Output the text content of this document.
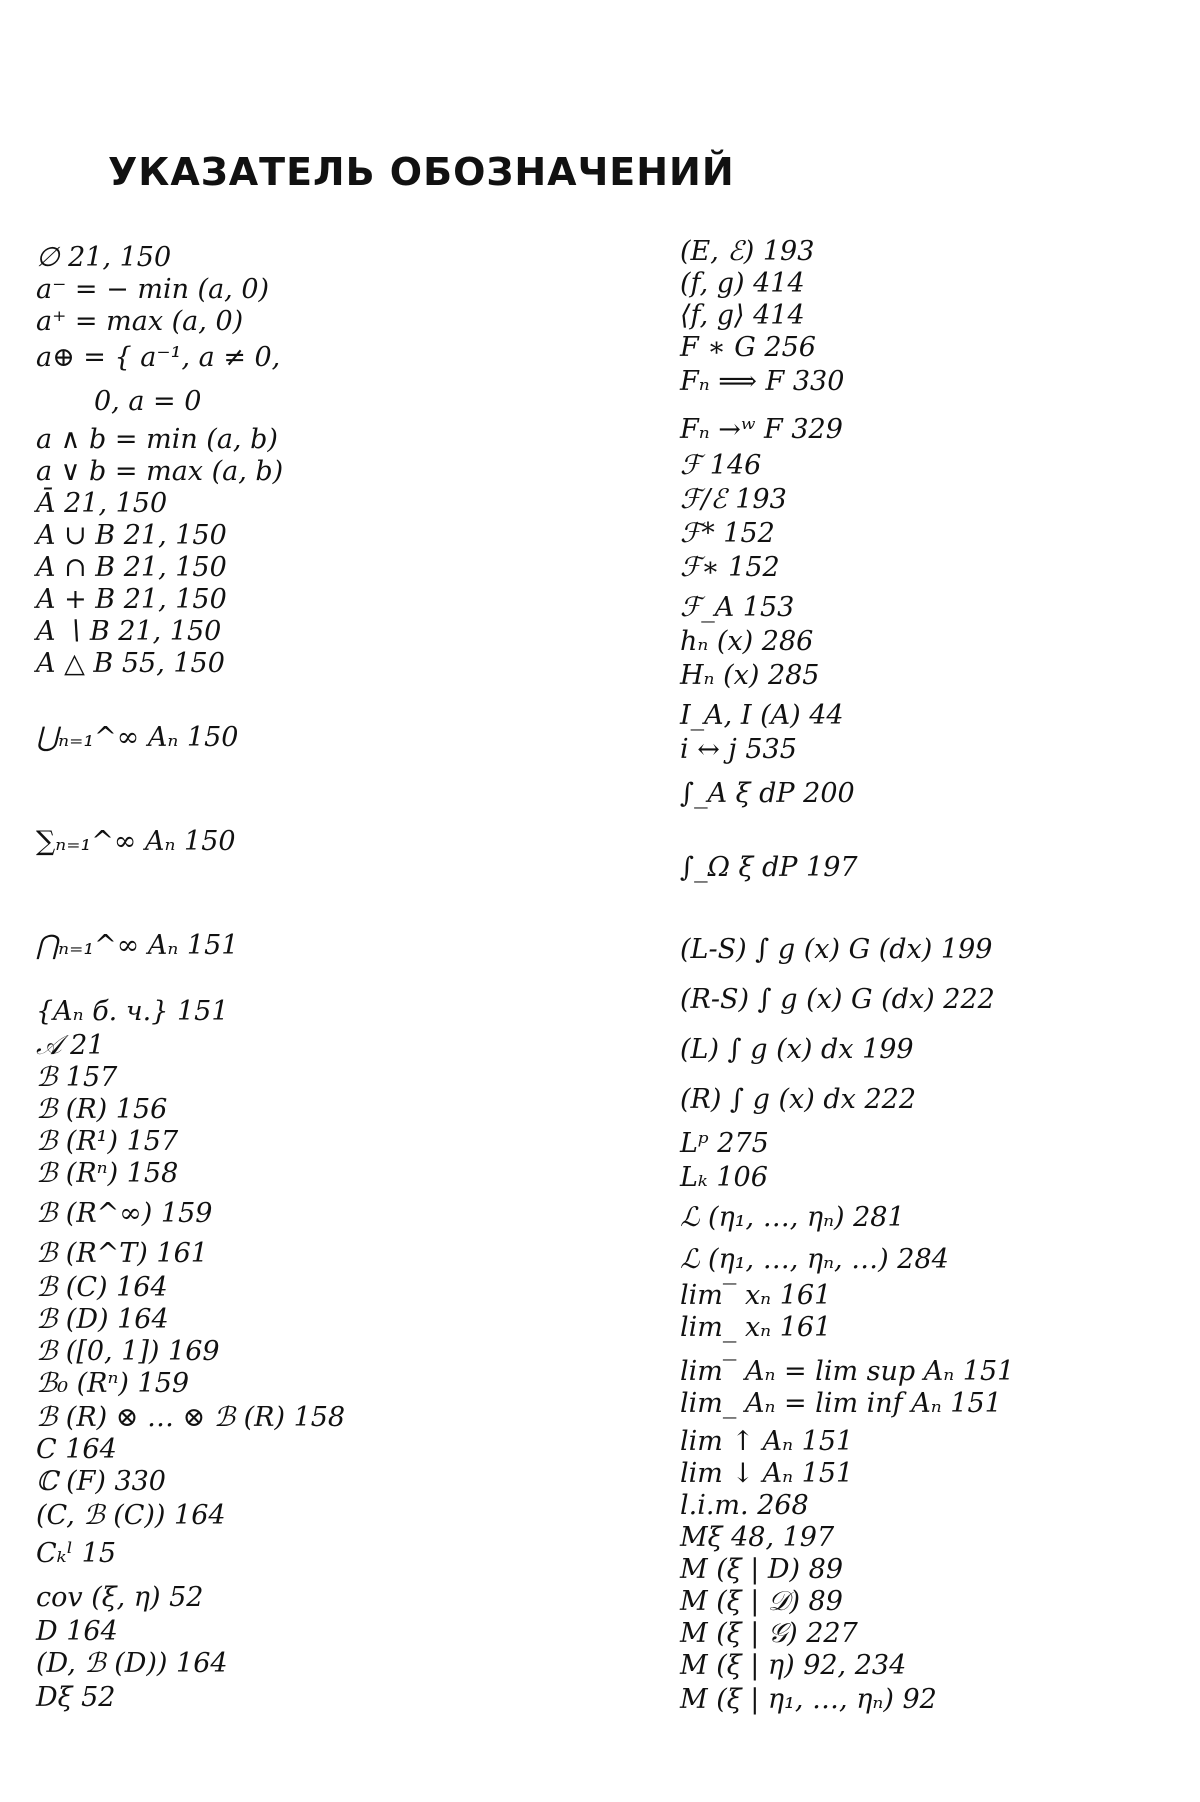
УКАЗАТЕЛЬ ОБОЗНАЧЕНИЙ
∅ 21, 150
a⁻ = − min (a, 0)
a⁺ = max (a, 0)
a⊕ = { a⁻¹, a ≠ 0,
0, a = 0
a ∧ b = min (a, b)
a ∨ b = max (a, b)
Ā 21, 150
A ∪ B 21, 150
A ∩ B 21, 150
A + B 21, 150
A ∖ B 21, 150
A △ B 55, 150
⋃ₙ₌₁^∞ Aₙ 150
∑ₙ₌₁^∞ Aₙ 150
⋂ₙ₌₁^∞ Aₙ 151
{Aₙ б. ч.} 151
𝒜 21
ℬ 157
ℬ (R) 156
ℬ (R¹) 157
ℬ (Rⁿ) 158
ℬ (R^∞) 159
ℬ (R^T) 161
ℬ (C) 164
ℬ (D) 164
ℬ ([0, 1]) 169
ℬ₀ (Rⁿ) 159
ℬ (R) ⊗ … ⊗ ℬ (R) 158
C 164
ℂ (F) 330
(C, ℬ (C)) 164
Cₖˡ 15
cov (ξ, η) 52
D 164
(D, ℬ (D)) 164
Dξ 52
(E, ℰ) 193
(f, g) 414
⟨f, g⟩ 414
F ∗ G 256
Fₙ ⟹ F 330
Fₙ →ʷ F 329
ℱ 146
ℱ/ℰ 193
ℱ* 152
ℱ∗ 152
ℱ_A 153
hₙ (x) 286
Hₙ (x) 285
I_A, I (A) 44
i ↔ j 535
∫_A ξ dP 200
∫_Ω ξ dP 197
(L-S) ∫ g (x) G (dx) 199
(R-S) ∫ g (x) G (dx) 222
(L) ∫ g (x) dx 199
(R) ∫ g (x) dx 222
Lᵖ 275
Lₖ 106
ℒ (η₁, …, ηₙ) 281
ℒ (η₁, …, ηₙ, …) 284
lim‾ xₙ 161
lim_ xₙ 161
lim‾ Aₙ = lim sup Aₙ 151
lim_ Aₙ = lim inf Aₙ 151
lim ↑ Aₙ 151
lim ↓ Aₙ 151
l.i.m. 268
Mξ 48, 197
M (ξ | D) 89
M (ξ | 𝒟) 89
M (ξ | 𝒢) 227
M (ξ | η) 92, 234
M (ξ | η₁, …, ηₙ) 92
